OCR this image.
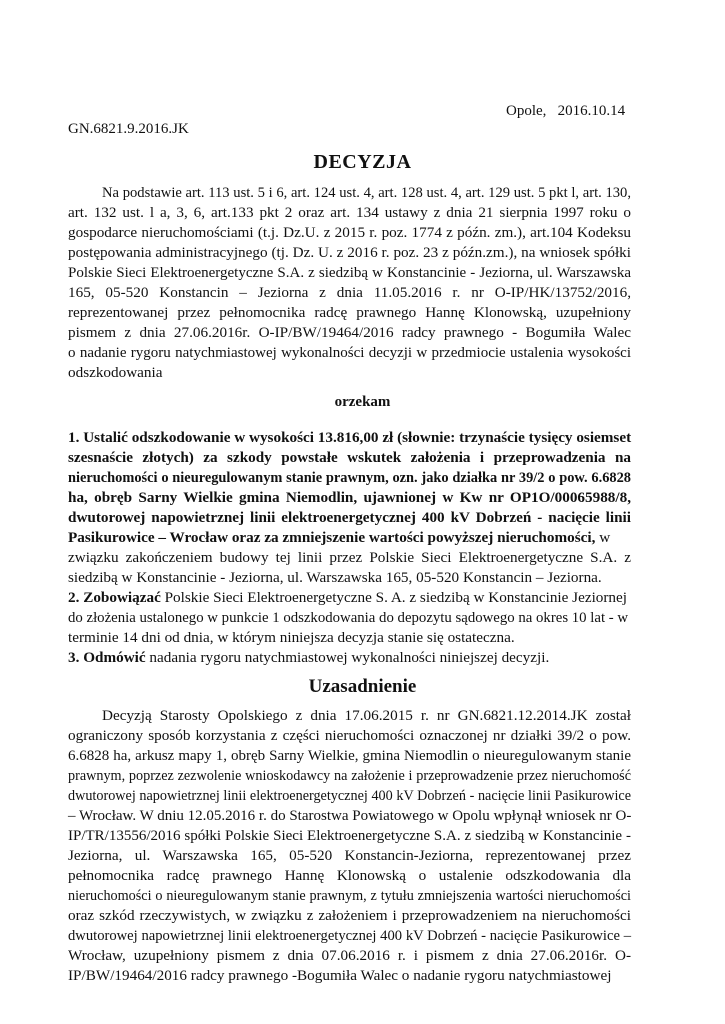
Opole,   2016.10.14
GN.6821.9.2016.JK
DECYZJA
Na podstawie art. 113 ust. 5 i 6, art. 124 ust. 4, art. 128 ust. 4, art. 129 ust. 5 pkt l, art. 130,
art. 132 ust. l a, 3, 6, art.133 pkt 2 oraz art. 134 ustawy z dnia 21 sierpnia 1997 roku o
gospodarce nieruchomościami (t.j. Dz.U. z 2015 r. poz. 1774 z późn. zm.), art.104 Kodeksu
postępowania administracyjnego (tj. Dz. U. z 2016 r. poz. 23 z późn.zm.), na wniosek spółki
Polskie Sieci Elektroenergetyczne S.A. z siedzibą w Konstancinie - Jeziorna, ul. Warszawska
165, 05-520 Konstancin – Jeziorna z dnia 11.05.2016 r. nr O-IP/HK/13752/2016,
reprezentowanej przez pełnomocnika radcę prawnego Hannę Klonowską, uzupełniony
pismem z dnia 27.06.2016r. O-IP/BW/19464/2016 radcy prawnego - Bogumiła Walec
o nadanie rygoru natychmiastowej wykonalności decyzji w przedmiocie ustalenia wysokości
odszkodowania
orzekam
1. Ustalić odszkodowanie w wysokości 13.816,00 zł (słownie: trzynaście tysięcy osiemset
szesnaście złotych) za szkody powstałe wskutek założenia i przeprowadzenia na
nieruchomości o nieuregulowanym stanie prawnym, ozn. jako działka nr 39/2 o pow. 6.6828
ha, obręb Sarny Wielkie gmina Niemodlin, ujawnionej w Kw nr OP1O/00065988/8,
dwutorowej napowietrznej linii elektroenergetycznej 400 kV Dobrzeń - nacięcie linii
Pasikurowice – Wrocław oraz za zmniejszenie wartości powyższej nieruchomości, w
związku zakończeniem budowy tej linii przez Polskie Sieci Elektroenergetyczne S.A. z
siedzibą w Konstancinie - Jeziorna, ul. Warszawska 165, 05-520 Konstancin – Jeziorna.
2. Zobowiązać Polskie Sieci Elektroenergetyczne S. A. z siedzibą w Konstancinie Jeziornej
do złożenia ustalonego w punkcie 1 odszkodowania do depozytu sądowego na okres 10 lat - w
terminie 14 dni od dnia, w którym niniejsza decyzja stanie się ostateczna.
3. Odmówić nadania rygoru natychmiastowej wykonalności niniejszej decyzji.
Uzasadnienie
Decyzją Starosty Opolskiego z dnia 17.06.2015 r. nr GN.6821.12.2014.JK został
ograniczony sposób korzystania z części nieruchomości oznaczonej nr działki 39/2 o pow.
6.6828 ha, arkusz mapy 1, obręb Sarny Wielkie, gmina Niemodlin o nieuregulowanym stanie
prawnym, poprzez zezwolenie wnioskodawcy na założenie i przeprowadzenie przez nieruchomość
dwutorowej napowietrznej linii elektroenergetycznej 400 kV Dobrzeń - nacięcie linii Pasikurowice
– Wrocław. W dniu 12.05.2016 r. do Starostwa Powiatowego w Opolu wpłynął wniosek nr O-
IP/TR/13556/2016 spółki Polskie Sieci Elektroenergetyczne S.A. z siedzibą w Konstancinie -
Jeziorna, ul. Warszawska 165, 05-520 Konstancin-Jeziorna, reprezentowanej przez
pełnomocnika radcę prawnego Hannę Klonowską o ustalenie odszkodowania dla
nieruchomości o nieuregulowanym stanie prawnym, z tytułu zmniejszenia wartości nieruchomości
oraz szkód rzeczywistych, w związku z założeniem i przeprowadzeniem na nieruchomości
dwutorowej napowietrznej linii elektroenergetycznej 400 kV Dobrzeń - nacięcie Pasikurowice –
Wrocław, uzupełniony pismem z dnia 07.06.2016 r. i pismem z dnia 27.06.2016r. O-
IP/BW/19464/2016 radcy prawnego -Bogumiła Walec o nadanie rygoru natychmiastowej
